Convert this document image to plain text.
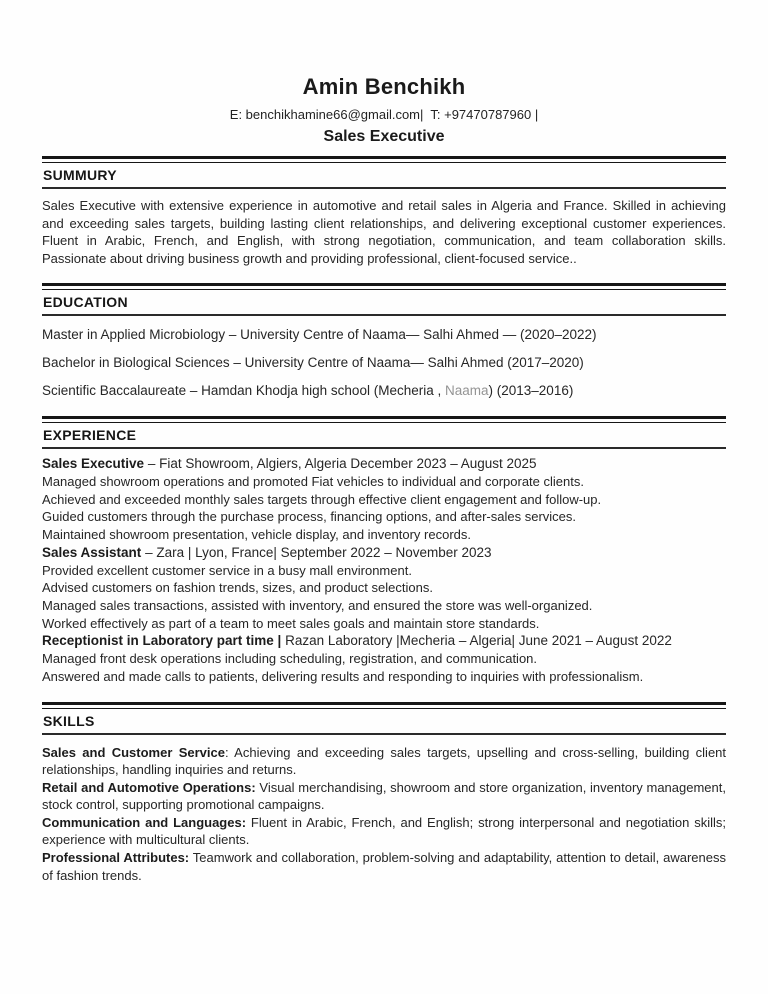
Amin Benchikh
E: benchikhamine66@gmail.com|  T: +97470787960 |
Sales Executive
SUMMURY

Sales Executive with extensive experience in automotive and retail sales in Algeria and France. Skilled in achieving and exceeding sales targets, building lasting client relationships, and delivering exceptional customer experiences. Fluent in Arabic, French, and English, with strong negotiation, communication, and team collaboration skills. Passionate about driving business growth and providing professional, client-focused service..

EDUCATION
Master in Applied Microbiology – University Centre of Naama— Salhi Ahmed — (2020–2022)
Bachelor in Biological Sciences – University Centre of Naama— Salhi Ahmed (2017–2020)
Scientific Baccalaureate – Hamdan Khodja high school (Mecheria , Naama) (2013–2016)
EXPERIENCE
Sales Executive – Fiat Showroom, Algiers, Algeria December 2023 – August 2025
Managed showroom operations and promoted Fiat vehicles to individual and corporate clients.
Achieved and exceeded monthly sales targets through effective client engagement and follow-up.
Guided customers through the purchase process, financing options, and after-sales services.
Maintained showroom presentation, vehicle display, and inventory records.
Sales Assistant – Zara | Lyon, France| September 2022 – November 2023
Provided excellent customer service in a busy mall environment.
Advised customers on fashion trends, sizes, and product selections.
Managed sales transactions, assisted with inventory, and ensured the store was well-organized.
Worked effectively as part of a team to meet sales goals and maintain store standards.
Receptionist in Laboratory part time | Razan Laboratory |Mecheria – Algeria| June 2021 – August 2022
Managed front desk operations including scheduling, registration, and communication.
Answered and made calls to patients, delivering results and responding to inquiries with professionalism.
SKILLS

Sales and Customer Service: Achieving and exceeding sales targets, upselling and cross-selling, building client relationships, handling inquiries and returns.

Retail and Automotive Operations: Visual merchandising, showroom and store organization, inventory management, stock control, supporting promotional campaigns.

Communication and Languages: Fluent in Arabic, French, and English; strong interpersonal and negotiation skills; experience with multicultural clients.

Professional Attributes: Teamwork and collaboration, problem-solving and adaptability, attention to detail, awareness of fashion trends.
